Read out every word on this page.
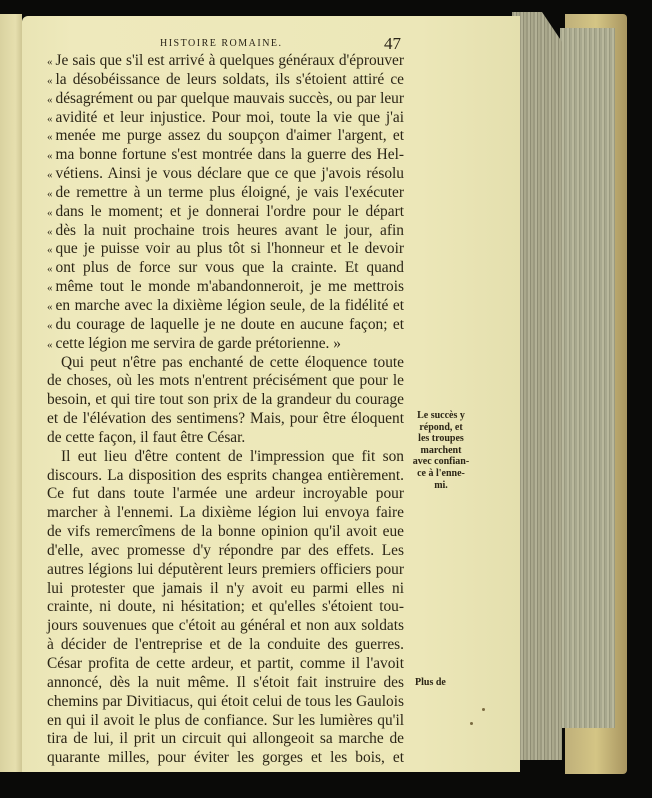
HISTOIRE ROMAINE.	47
« Je sais que s'il est arrivé à quelques généraux d'éprouver
« la désobéissance de leurs soldats, ils s'étoient attiré ce
« désagrément ou par quelque mauvais succès, ou par leur
« avidité et leur injustice. Pour moi, toute la vie que j'ai
« menée me purge assez du soupçon d'aimer l'argent, et
« ma bonne fortune s'est montrée dans la guerre des Hel-
« vétiens. Ainsi je vous déclare que ce que j'avois résolu
« de remettre à un terme plus éloigné, je vais l'exécuter
« dans le moment; et je donnerai l'ordre pour le départ
« dès la nuit prochaine trois heures avant le jour, afin
« que je puisse voir au plus tôt si l'honneur et le devoir
« ont plus de force sur vous que la crainte. Et quand
« même tout le monde m'abandonneroit, je me mettrois
« en marche avec la dixième légion seule, de la fidélité et
« du courage de laquelle je ne doute en aucune façon; et
« cette légion me servira de garde prétorienne. »
Qui peut n'être pas enchanté de cette éloquence toute
de choses, où les mots n'entrent précisément que pour le
besoin, et qui tire tout son prix de la grandeur du courage
et de l'élévation des sentimens? Mais, pour être éloquent
de cette façon, il faut être César.
Il eut lieu d'être content de l'impression que fit son
discours. La disposition des esprits changea entièrement.
Ce fut dans toute l'armée une ardeur incroyable pour
marcher à l'ennemi. La dixième légion lui envoya faire
de vifs remercîmens de la bonne opinion qu'il avoit eue
d'elle, avec promesse d'y répondre par des effets. Les
autres légions lui députèrent leurs premiers officiers pour
lui protester que jamais il n'y avoit eu parmi elles ni
crainte, ni doute, ni hésitation; et qu'elles s'étoient tou-
jours souvenues que c'étoit au général et non aux soldats
à décider de l'entreprise et de la conduite des guerres.
César profita de cette ardeur, et partit, comme il l'avoit
annoncé, dès la nuit même. Il s'étoit fait instruire des
chemins par Divitiacus, qui étoit celui de tous les Gaulois
en qui il avoit le plus de confiance. Sur les lumières qu'il
tira de lui, il prit un circuit qui allongeoit sa marche de
quarante milles, pour éviter les gorges et les bois, et
Le succès y
répond, et
les troupes
marchent
avec confian-
ce à l'enne-
mi.
Plus de
